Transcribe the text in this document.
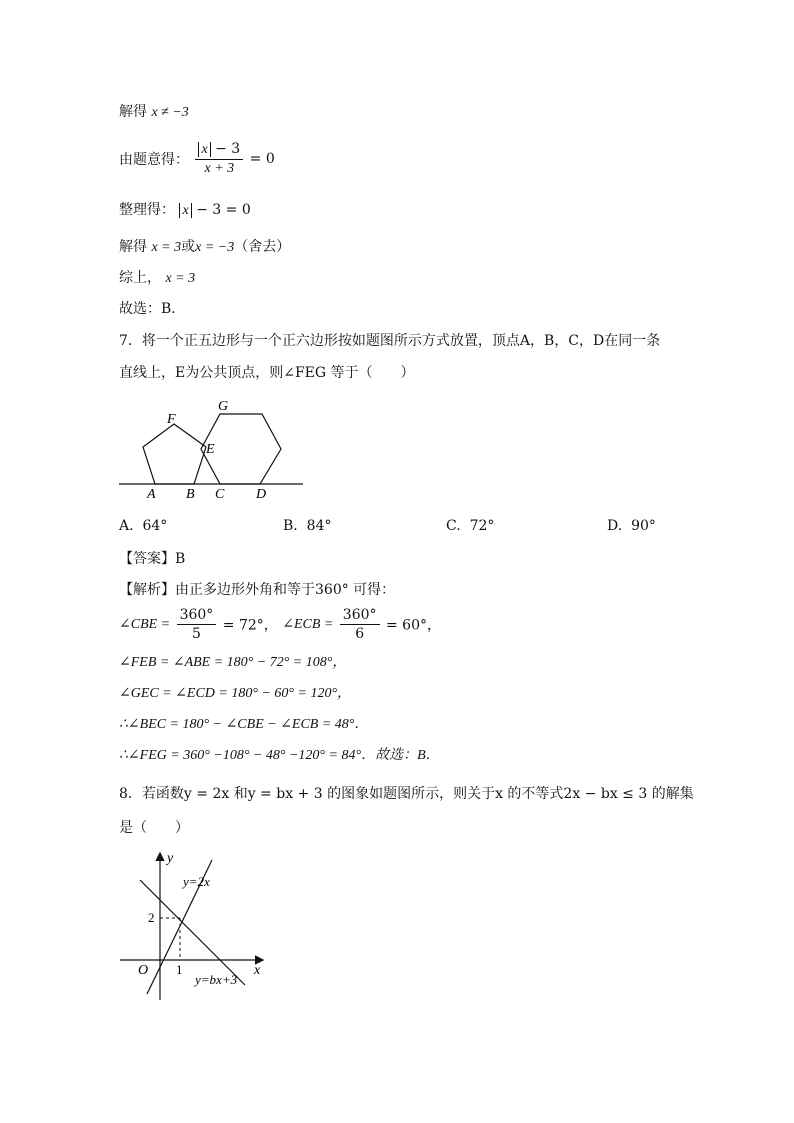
解得 x ≠ −3
由题意得： $\frac{x - 3}{x + 3} = 0$
整理得： x − 3 = 0
解得 x = 3或x = −3（舍去）
综上， x = 3
故选：B．
7．将一个正五边形与一个正六边形按如题图所示方式放置，顶点A，B，C，D在同一条
直线上，E为公共顶点，则∠FEG 等于（　　）
F
G
E
A B C D
A. 64°	B. 84°	C. 72°	D. 90°
【答案】B
【解析】由正多边形外角和等于360° 可得：
∠CBE = $\frac{360^\circ}{5} = 72^\circ$， ∠ECB = $\frac{360^\circ}{6} = 60^\circ$，
∠FEB = ∠ABE = 180° − 72° = 108°，
∠GEC = ∠ECD = 180° − 60° = 120°，
∴∠BEC = 180° − ∠CBE − ∠ECB = 48°．
∴∠FEG = 360° −108° − 48° −120° = 84°．故选：B．
8．若函数y = 2x 和y = bx + 3 的图象如题图所示，则关于x 的不等式2x − bx ≤ 3 的解集
是（　　）
y
x
O 1
2
y=2x
y=bx+3
